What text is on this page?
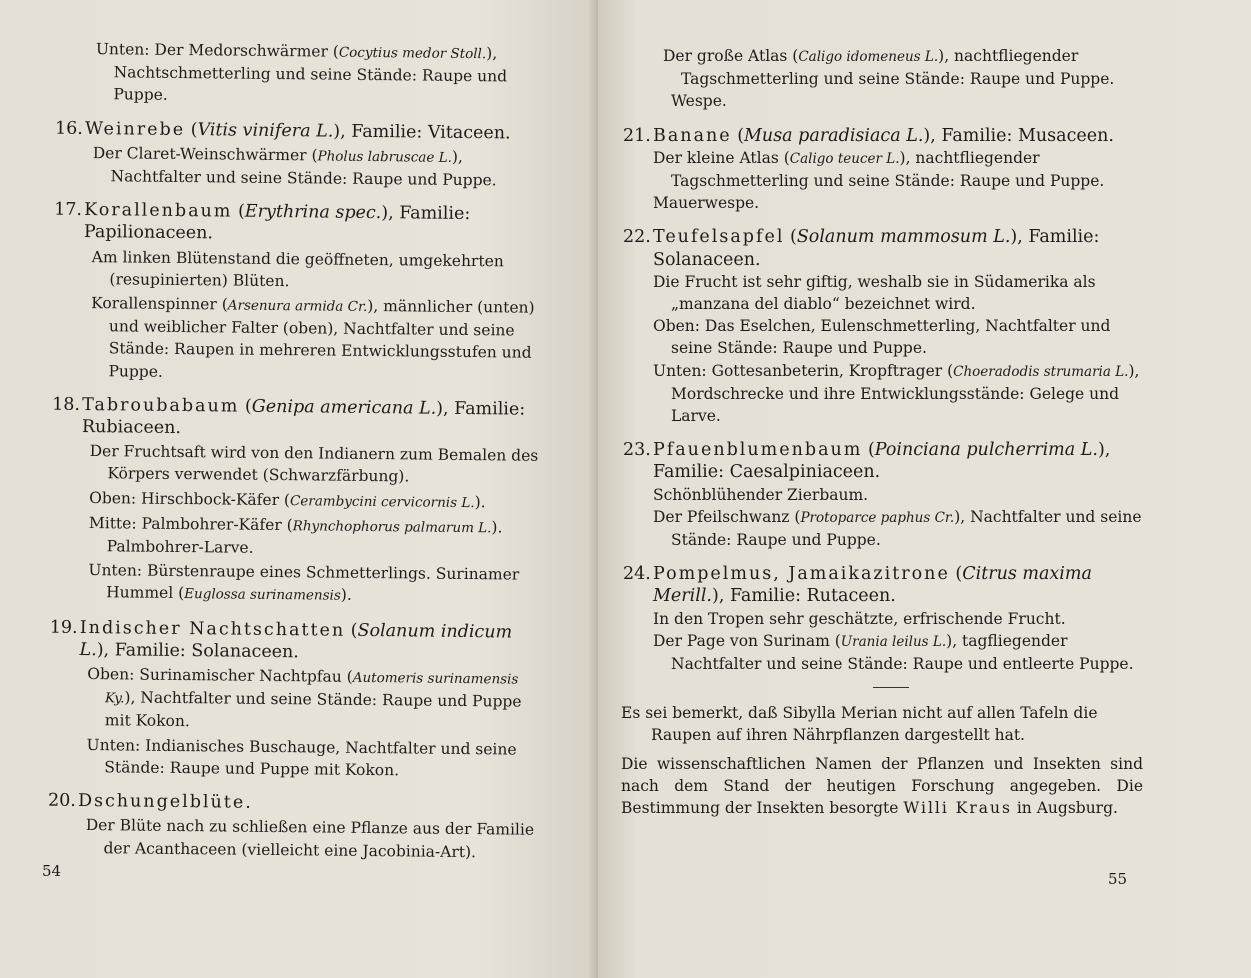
Unten: Der Medorschwärmer (Cocytius medor Stoll.), Nachtschmetterling und seine Stände: Raupe und Puppe.
16. Weinrebe (Vitis vinifera L.), Familie: Vitaceen.
Der Claret-Weinschwärmer (Pholus labruscae L.), Nachtfalter und seine Stände: Raupe und Puppe.
17. Korallenbaum (Erythrina spec.), Familie: Papilionaceen.
Am linken Blütenstand die geöffneten, umgekehrten (resupinierten) Blüten.
Korallenspinner (Arsenura armida Cr.), männlicher (unten) und weiblicher Falter (oben), Nachtfalter und seine Stände: Raupen in mehreren Entwicklungsstufen und Puppe.
18. Tabroubabaum (Genipa americana L.), Familie: Rubiaceen.
Der Fruchtsaft wird von den Indianern zum Bemalen des Körpers verwendet (Schwarzfärbung).
Oben: Hirschbock-Käfer (Cerambycini cervicornis L.).
Mitte: Palmbohrer-Käfer (Rhynchophorus palmarum L.). Palmbohrer-Larve.
Unten: Bürstenraupe eines Schmetterlings. Surinamer Hummel (Euglossa surinamensis).
19. Indischer Nachtschatten (Solanum indicum L.), Familie: Solanaceen.
Oben: Surinamischer Nachtpfau (Automeris surinamensis Ky.), Nachtfalter und seine Stände: Raupe und Puppe mit Kokon.
Unten: Indianisches Buschauge, Nachtfalter und seine Stände: Raupe und Puppe mit Kokon.
20. Dschungelblüte.
Der Blüte nach zu schließen eine Pflanze aus der Familie der Acanthaceen (vielleicht eine Jacobinia-Art).
54
Der große Atlas (Caligo idomeneus L.), nachtfliegender Tagschmetterling und seine Stände: Raupe und Puppe.
Wespe.
21. Banane (Musa paradisiaca L.), Familie: Musaceen.
Der kleine Atlas (Caligo teucer L.), nachtfliegender Tagschmetterling und seine Stände: Raupe und Puppe.
Mauerwespe.
22. Teufelsapfel (Solanum mammosum L.), Familie: Solanaceen.
Die Frucht ist sehr giftig, weshalb sie in Südamerika als „manzana del diablo“ bezeichnet wird.
Oben: Das Eselchen, Eulenschmetterling, Nachtfalter und seine Stände: Raupe und Puppe.
Unten: Gottesanbeterin, Kropftrager (Choeradodis strumaria L.), Mordschrecke und ihre Entwicklungsstände: Gelege und Larve.
23. Pfauenblumenbaum (Poinciana pulcherrima L.), Familie: Caesalpiniaceen.
Schönblühender Zierbaum.
Der Pfeilschwanz (Protoparce paphus Cr.), Nachtfalter und seine Stände: Raupe und Puppe.
24. Pompelmus, Jamaikazitrone (Citrus maxima Merill.), Familie: Rutaceen.
In den Tropen sehr geschätzte, erfrischende Frucht.
Der Page von Surinam (Urania leilus L.), tagfliegender Nachtfalter und seine Stände: Raupe und entleerte Puppe.

Es sei bemerkt, daß Sibylla Merian nicht auf allen Tafeln die Raupen auf ihren Nährpflanzen dargestellt hat.

Die wissenschaftlichen Namen der Pflanzen und Insekten sind nach dem Stand der heutigen Forschung angegeben. Die Bestimmung der Insekten besorgte Willi Kraus in Augsburg.

55
